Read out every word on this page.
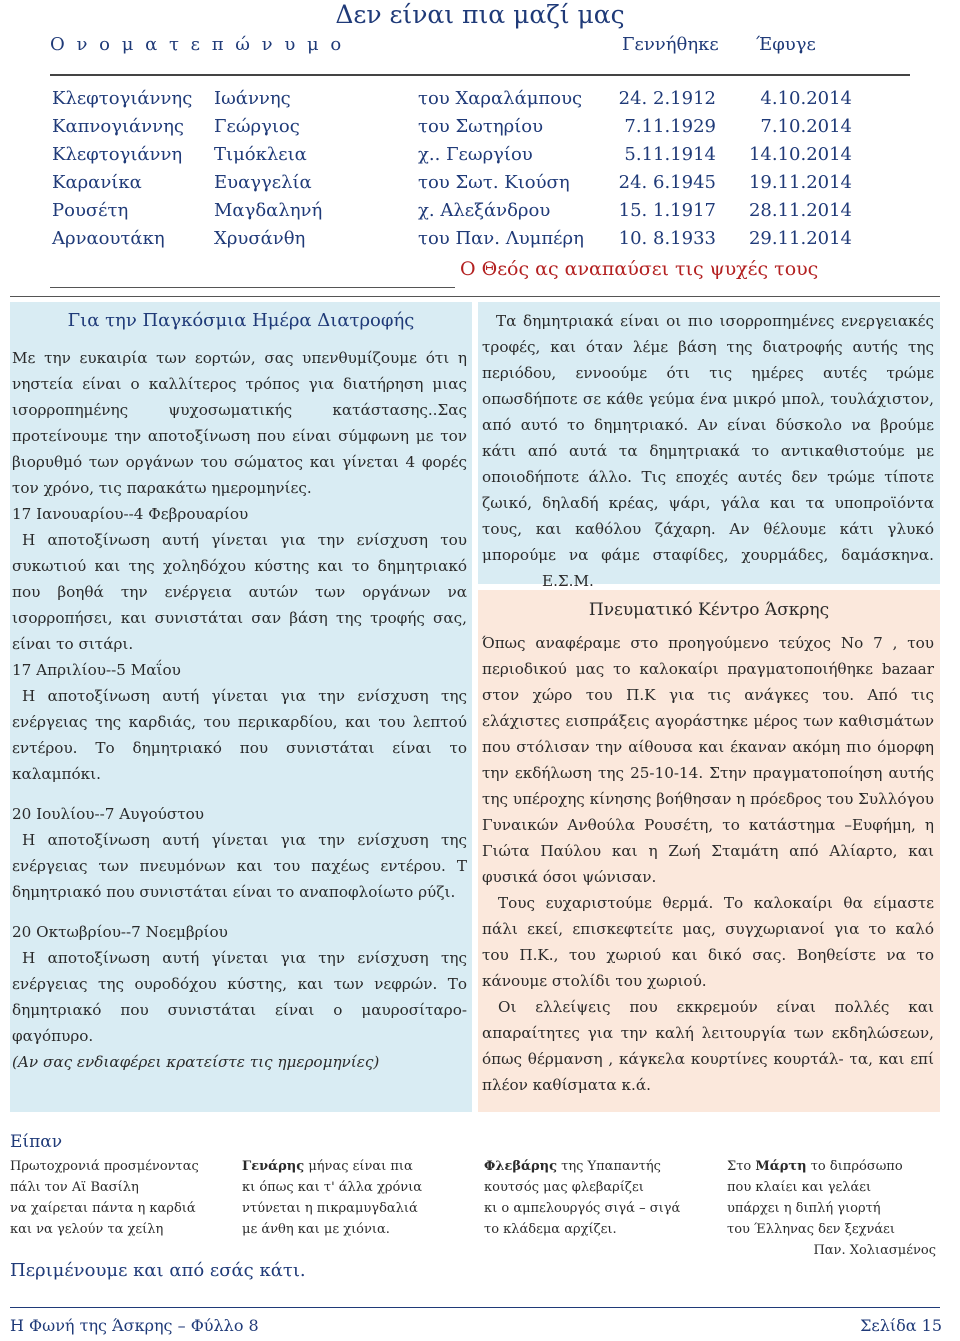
Δεν είναι πια μαζί μας
Ο ν ο μ α τ ε π ώ ν υ μ ο	Γεννήθηκε Έφυγε
Κλεφτογιάννης Ιωάννης	του Χαραλάμπους 24. 2.1912 4.10.2014
Καπνογιάννης Γεώργιος	του Σωτηρίου	7.11.1929 7.10.2014
Κλεφτογιάννη Τιμόκλεια	χ.. Γεωργίου	5.11.1914 14.10.2014
Καρανίκα	Ευαγγελία	του Σωτ. Κιούση	24. 6.1945 19.11.2014
Ρουσέτη	Μαγδαληνή	χ. Αλεξάνδρου	15. 1.1917 28.11.2014
Αρναουτάκη	Χρυσάνθη	του Παν. Λυμπέρη 10. 8.1933 29.11.2014
Ο Θεός ας αναπαύσει τις ψυχές τους
Για την Παγκόσμια Ημέρα Διατροφής

Με την ευκαιρία των εορτών, σας υπενθυμίζουμε ότι η νηστεία είναι ο καλλίτερος τρόπος για διατήρηση μιας ισορροπημένης ψυχοσωματικής κατάστασης..Σας προτείνουμε την αποτοξίνωση που είναι σύμφωνη με τον βιορυθμό των οργάνων του σώματος και γίνεται 4 φορές τον χρόνο, τις παρακάτω ημερομηνίες.

17 Ιανουαρίου--4 Φεβρουαρίου

Η αποτοξίνωση αυτή γίνεται για την ενίσχυση του συκωτιού και της χοληδόχου κύστης και το δημητριακό που βοηθά την ενέργεια αυτών των οργάνων να ισορροπήσει, και συνιστάται σαν βάση της τροφής σας, είναι το σιτάρι.

17 Απριλίου--5 Μαΐου

Η αποτοξίνωση αυτή γίνεται για την ενίσχυση της ενέργειας της καρδιάς, του περικαρδίου, και του λεπτού εντέρου. Το δημητριακό που συνιστάται είναι το καλαμπόκι.

20 Ιουλίου--7 Αυγούστου

Η αποτοξίνωση αυτή γίνεται για την ενίσχυση της ενέργειας των πνευμόνων και του παχέως εντέρου. Τ δημητριακό που συνιστάται είναι το αναποφλοίωτο ρύζι.

20 Οκτωβρίου--7 Νοεμβρίου

Η αποτοξίνωση αυτή γίνεται για την ενίσχυση της ενέργειας της ουροδόχου κύστης, και των νεφρών. Το δημητριακό που συνιστάται είναι ο μαυροσίταρο-φαγόπυρο.

(Αν σας ενδιαφέρει κρατείστε τις ημερομηνίες)

Τα δημητριακά είναι οι πιο ισορροπημένες ενεργειακές τροφές, και όταν λέμε βάση της διατροφής αυτής της περιόδου, εννοούμε ότι τις ημέρες αυτές τρώμε οπωσδήποτε σε κάθε γεύμα ένα μικρό μπολ, τουλάχιστον, από αυτό το δημητριακό. Αν είναι δύσκολο να βρούμε κάτι από αυτά τα δημητριακά το αντικαθιστούμε με οποιοδήποτε άλλο. Τις εποχές αυτές δεν τρώμε τίποτε ζωικό, δηλαδή κρέας, ψάρι, γάλα και τα υποπροϊόντα τους, και καθόλου ζάχαρη. Αν θέλουμε κάτι γλυκό μπορούμε να φάμε σταφίδες, χουρμάδες, δαμάσκηνα. Ε.Σ.Μ.

Πνευματικό Κέντρο Άσκρης

Όπως αναφέραμε στο προηγούμενο τεύχος Νο 7 , του περιοδικού μας το καλοκαίρι πραγματοποιήθηκε bazaar στον χώρο του Π.Κ για τις ανάγκες του. Από τις ελάχιστες εισπράξεις αγοράστηκε μέρος των καθισμάτων που στόλισαν την αίθουσα και έκαναν ακόμη πιο όμορφη την εκδήλωση της 25-10-14. Στην πραγματοποίηση αυτής της υπέροχης κίνησης βοήθησαν η πρόεδρος του Συλλόγου Γυναικών Ανθούλα Ρουσέτη, το κατάστημα –Ευφήμη, η Γιώτα Παύλου και η Ζωή Σταμάτη από Αλίαρτο, και φυσικά όσοι ψώνισαν.

Τους ευχαριστούμε θερμά. Το καλοκαίρι θα είμαστε πάλι εκεί, επισκεφτείτε μας, συγχωριανοί για το καλό του Π.Κ., του χωριού και δικό σας. Βοηθείστε να το κάνουμε στολίδι του χωριού.

Οι ελλείψεις που εκκρεμούν είναι πολλές και απαραίτητες για την καλή λειτουργία των εκδηλώσεων, όπως θέρμανση , κάγκελα κουρτίνες κουρτάλ- τα, και επί πλέον καθίσματα κ.ά.

Είπαν
Πρωτοχρονιά προσμένοντας
πάλι τον Αϊ Βασίλη
να χαίρεται πάντα η καρδιά
και να γελούν τα χείλη
Γενάρης μήνας είναι πια
κι όπως και τ' άλλα χρόνια
ντύνεται η πικραμυγδαλιά
με άνθη και με χιόνια.
Φλεβάρης της Υπαπαντής
κουτσός μας φλεβαρίζει
κι ο αμπελουργός σιγά – σιγά
το κλάδεμα αρχίζει.
Στο Μάρτη το διπρόσωπο
που κλαίει και γελάει
υπάρχει η διπλή γιορτή
του Έλληνας δεν ξεχνάει
Παν. Χολιασμένος
Περιμένουμε και από εσάς κάτι.
Η Φωνή της Άσκρης – Φύλλο 8	Σελίδα 15
